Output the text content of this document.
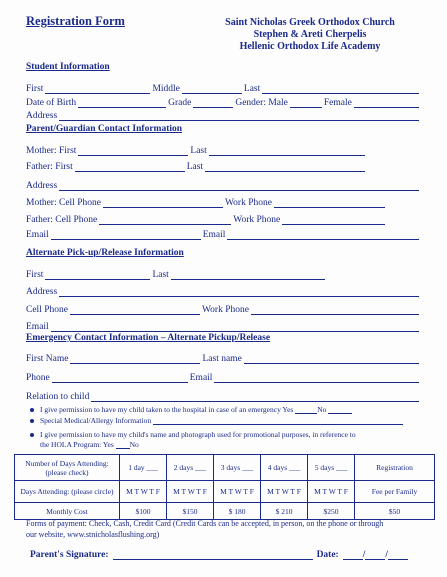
Registration Form	Saint Nicholas Greek Orthodox Church
Stephen & Areti Cherpelis
Hellenic Orthodox Life Academy
Student Information
First	Middle	Last
Date of Birth	Grade	Gender: Male	Female
Address
Parent/Guardian Contact Information
Mother: First	Last
Father: First	Last
Address
Mother: Cell Phone	Work Phone
Father: Cell Phone	Work Phone
Email	Email
Alternate Pick-up/Release Information
First	Last
Address
Cell Phone	Work Phone
Email
Emergency Contact Information – Alternate Pickup/Release
First Name	Last name
Phone	Email
Relation to child
I give permission to have my child taken to the hospital in case of an emergency Yes	No
Special Medical/Allergy Information
I give permission to have my child's name and photograph used for promotional purposes, in reference to
the HOLA Program: Yes No
Number of Days Attending: (please check)	1 day ___	2 days ___	3 days ___	4 days ___	5 days ___	Registration
Days Attending: (please circle)	M T W T F	M T W T F	M T W T F	M T W T F	M T W T F	Fee per Family
Monthly Cost	$100	$150	$ 180	$ 210	$250	$50
Forms of payment: Check, Cash, Credit Card (Credit Cards can be accepted, in person, on the phone or through
our website, www.stnicholasflushing.org)
Parent's Signature:	Date:	/
/
